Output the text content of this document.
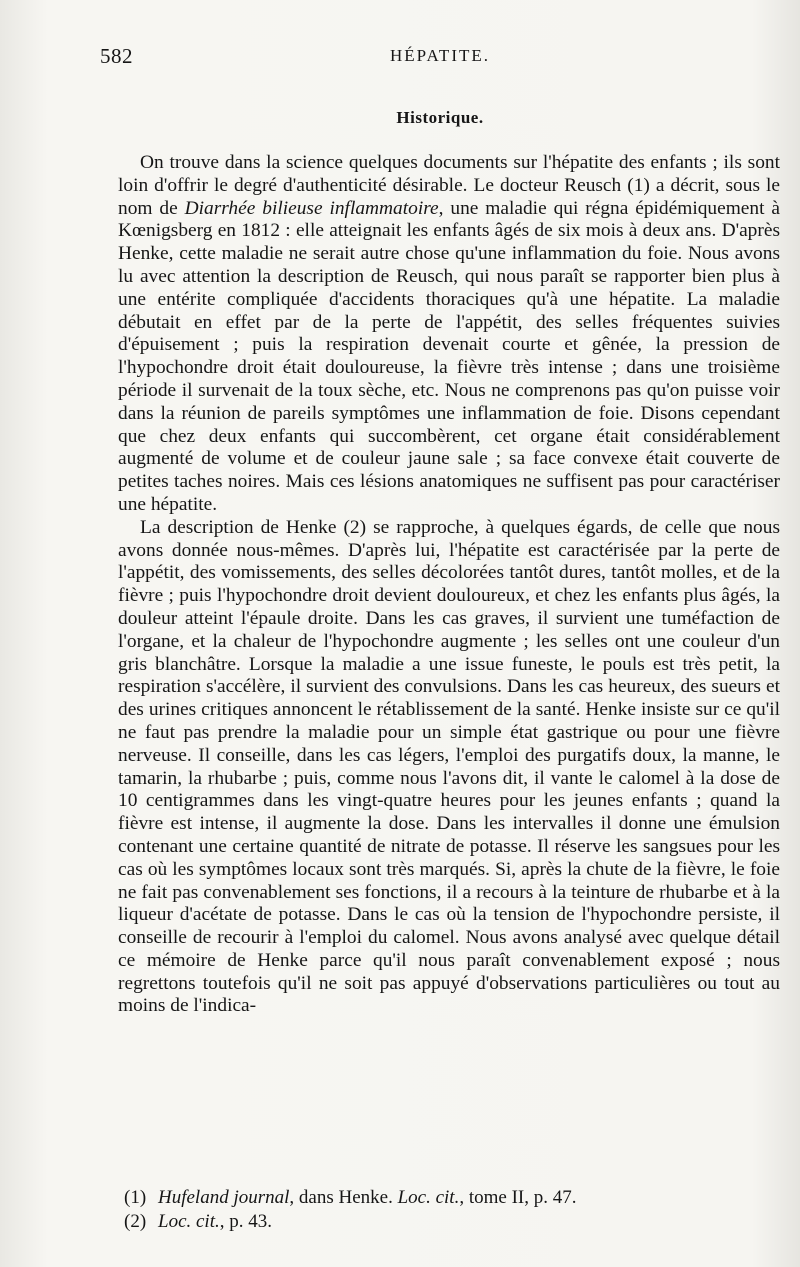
582	HÉPATITE.
Historique.

On trouve dans la science quelques documents sur l'hépatite des enfants ; ils sont loin d'offrir le degré d'authenticité désirable. Le docteur Reusch (1) a décrit, sous le nom de Diarrhée bilieuse inflammatoire, une maladie qui régna épidémiquement à Kœnigsberg en 1812 : elle atteignait les enfants âgés de six mois à deux ans. D'après Henke, cette maladie ne serait autre chose qu'une inflammation du foie. Nous avons lu avec attention la description de Reusch, qui nous paraît se rapporter bien plus à une entérite compliquée d'accidents thoraciques qu'à une hépatite. La maladie débutait en effet par de la perte de l'appétit, des selles fréquentes suivies d'épuisement ; puis la respiration devenait courte et gênée, la pression de l'hypochondre droit était douloureuse, la fièvre très intense ; dans une troisième période il survenait de la toux sèche, etc. Nous ne comprenons pas qu'on puisse voir dans la réunion de pareils symptômes une inflammation de foie. Disons cependant que chez deux enfants qui succombèrent, cet organe était considérablement augmenté de volume et de couleur jaune sale ; sa face convexe était couverte de petites taches noires. Mais ces lésions anatomiques ne suffisent pas pour caractériser une hépatite.

La description de Henke (2) se rapproche, à quelques égards, de celle que nous avons donnée nous-mêmes. D'après lui, l'hépatite est caractérisée par la perte de l'appétit, des vomissements, des selles décolorées tantôt dures, tantôt molles, et de la fièvre ; puis l'hypochondre droit devient douloureux, et chez les enfants plus âgés, la douleur atteint l'épaule droite. Dans les cas graves, il survient une tuméfaction de l'organe, et la chaleur de l'hypochondre augmente ; les selles ont une couleur d'un gris blanchâtre. Lorsque la maladie a une issue funeste, le pouls est très petit, la respiration s'accélère, il survient des convulsions. Dans les cas heureux, des sueurs et des urines critiques annoncent le rétablissement de la santé. Henke insiste sur ce qu'il ne faut pas prendre la maladie pour un simple état gastrique ou pour une fièvre nerveuse. Il conseille, dans les cas légers, l'emploi des purgatifs doux, la manne, le tamarin, la rhubarbe ; puis, comme nous l'avons dit, il vante le calomel à la dose de 10 centigrammes dans les vingt-quatre heures pour les jeunes enfants ; quand la fièvre est intense, il augmente la dose. Dans les intervalles il donne une émulsion contenant une certaine quantité de nitrate de potasse. Il réserve les sangsues pour les cas où les symptômes locaux sont très marqués. Si, après la chute de la fièvre, le foie ne fait pas convenablement ses fonctions, il a recours à la teinture de rhubarbe et à la liqueur d'acétate de potasse. Dans le cas où la tension de l'hypochondre persiste, il conseille de recourir à l'emploi du calomel. Nous avons analysé avec quelque détail ce mémoire de Henke parce qu'il nous paraît convenablement exposé ; nous regrettons toutefois qu'il ne soit pas appuyé d'observations particulières ou tout au moins de l'indica-

(1) Hufeland journal, dans Henke. Loc. cit., tome II, p. 47.

(2) Loc. cit., p. 43.
